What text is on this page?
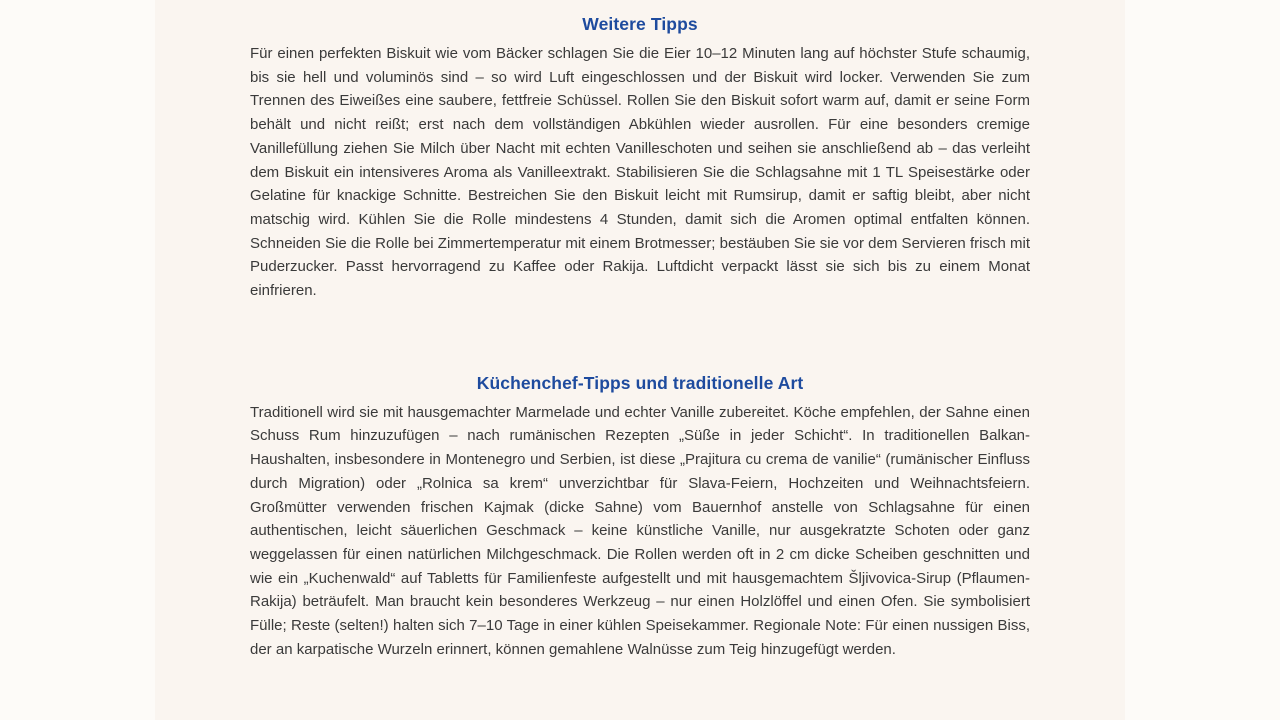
Weitere Tipps

Für einen perfekten Biskuit wie vom Bäcker schlagen Sie die Eier 10–12 Minuten lang auf höchster Stufe schaumig, bis sie hell und voluminös sind – so wird Luft eingeschlossen und der Biskuit wird locker. Verwenden Sie zum Trennen des Eiweißes eine saubere, fettfreie Schüssel. Rollen Sie den Biskuit sofort warm auf, damit er seine Form behält und nicht reißt; erst nach dem vollständigen Abkühlen wieder ausrollen. Für eine besonders cremige Vanillefüllung ziehen Sie Milch über Nacht mit echten Vanilleschoten und seihen sie anschließend ab – das verleiht dem Biskuit ein intensiveres Aroma als Vanilleextrakt. Stabilisieren Sie die Schlagsahne mit 1 TL Speisestärke oder Gelatine für knackige Schnitte. Bestreichen Sie den Biskuit leicht mit Rumsirup, damit er saftig bleibt, aber nicht matschig wird. Kühlen Sie die Rolle mindestens 4 Stunden, damit sich die Aromen optimal entfalten können. Schneiden Sie die Rolle bei Zimmertemperatur mit einem Brotmesser; bestäuben Sie sie vor dem Servieren frisch mit Puderzucker. Passt hervorragend zu Kaffee oder Rakija. Luftdicht verpackt lässt sie sich bis zu einem Monat einfrieren.

Küchenchef-Tipps und traditionelle Art

Traditionell wird sie mit hausgemachter Marmelade und echter Vanille zubereitet. Köche empfehlen, der Sahne einen Schuss Rum hinzuzufügen – nach rumänischen Rezepten „Süße in jeder Schicht“. In traditionellen Balkan-Haushalten, insbesondere in Montenegro und Serbien, ist diese „Prajitura cu crema de vanilie“ (rumänischer Einfluss durch Migration) oder „Rolnica sa krem“ unverzichtbar für Slava-Feiern, Hochzeiten und Weihnachtsfeiern. Großmütter verwenden frischen Kajmak (dicke Sahne) vom Bauernhof anstelle von Schlagsahne für einen authentischen, leicht säuerlichen Geschmack – keine künstliche Vanille, nur ausgekratzte Schoten oder ganz weggelassen für einen natürlichen Milchgeschmack. Die Rollen werden oft in 2 cm dicke Scheiben geschnitten und wie ein „Kuchenwald“ auf Tabletts für Familienfeste aufgestellt und mit hausgemachtem Šljivovica-Sirup (Pflaumen-Rakija) beträufelt. Man braucht kein besonderes Werkzeug – nur einen Holzlöffel und einen Ofen. Sie symbolisiert Fülle; Reste (selten!) halten sich 7–10 Tage in einer kühlen Speisekammer. Regionale Note: Für einen nussigen Biss, der an karpatische Wurzeln erinnert, können gemahlene Walnüsse zum Teig hinzugefügt werden.
